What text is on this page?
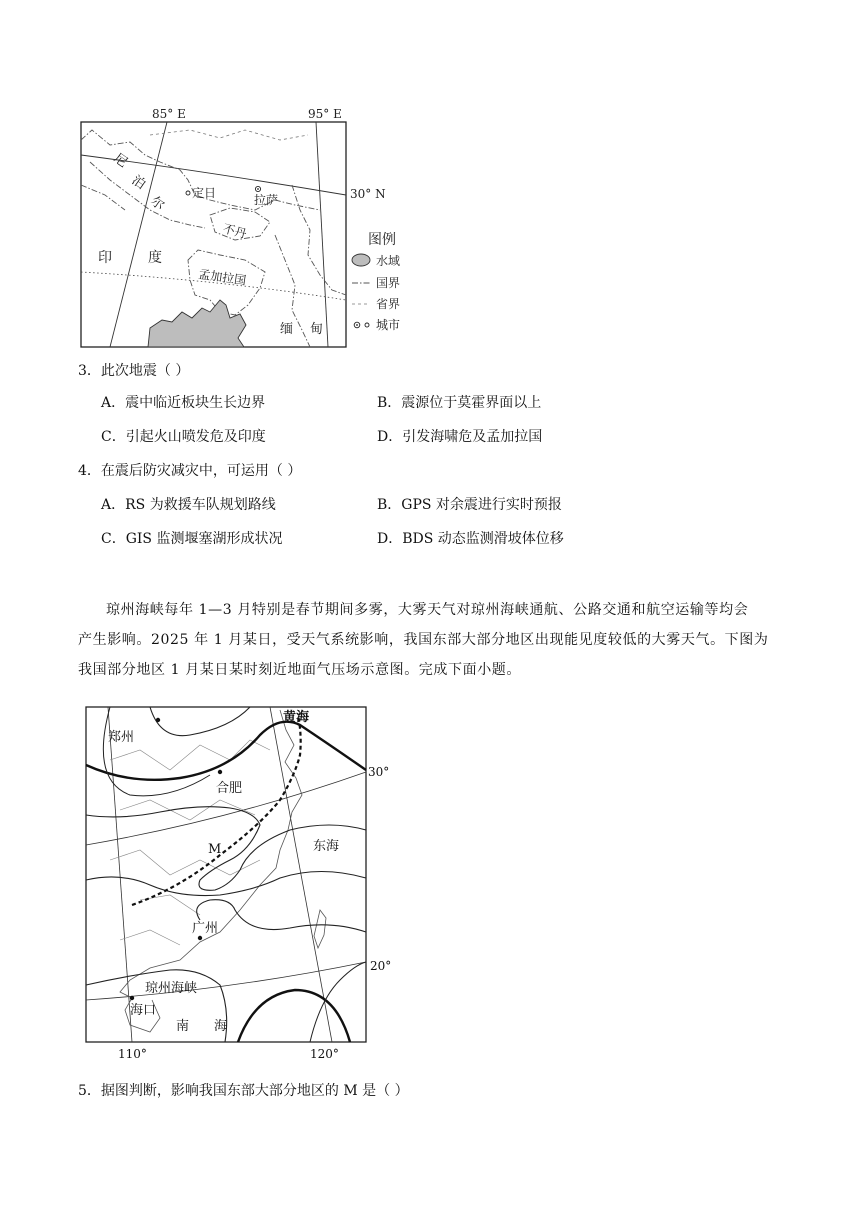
85° E	95° E
30° N
尼
泊
尔
印	度
不丹
孟加拉国
缅 甸
定日	拉萨
图例
水域
国界
省界
城市
3．此次地震（ ）
A．震中临近板块生长边界	B．震源位于莫霍界面以上
C．引起火山喷发危及印度	D．引发海啸危及孟加拉国
4．在震后防灾减灾中，可运用（ ）
A．RS 为救援车队规划路线	B．GPS 对余震进行实时预报
C．GIS 监测堰塞湖形成状况	D．BDS 动态监测滑坡体位移
琼州海峡每年 1—3 月特别是春节期间多雾，大雾天气对琼州海峡通航、公路交通和航空运输等均会
产生影响。2025 年 1 月某日，受天气系统影响，我国东部大部分地区出现能见度较低的大雾天气。下图为
我国部分地区 1 月某日某时刻近地面气压场示意图。完成下面小题。
郑州
合肥
黄海
东海
M
广州
琼州海峡
海口
南 海
30°
20°
110°	120°
5．据图判断，影响我国东部大部分地区的 M 是（ ）
